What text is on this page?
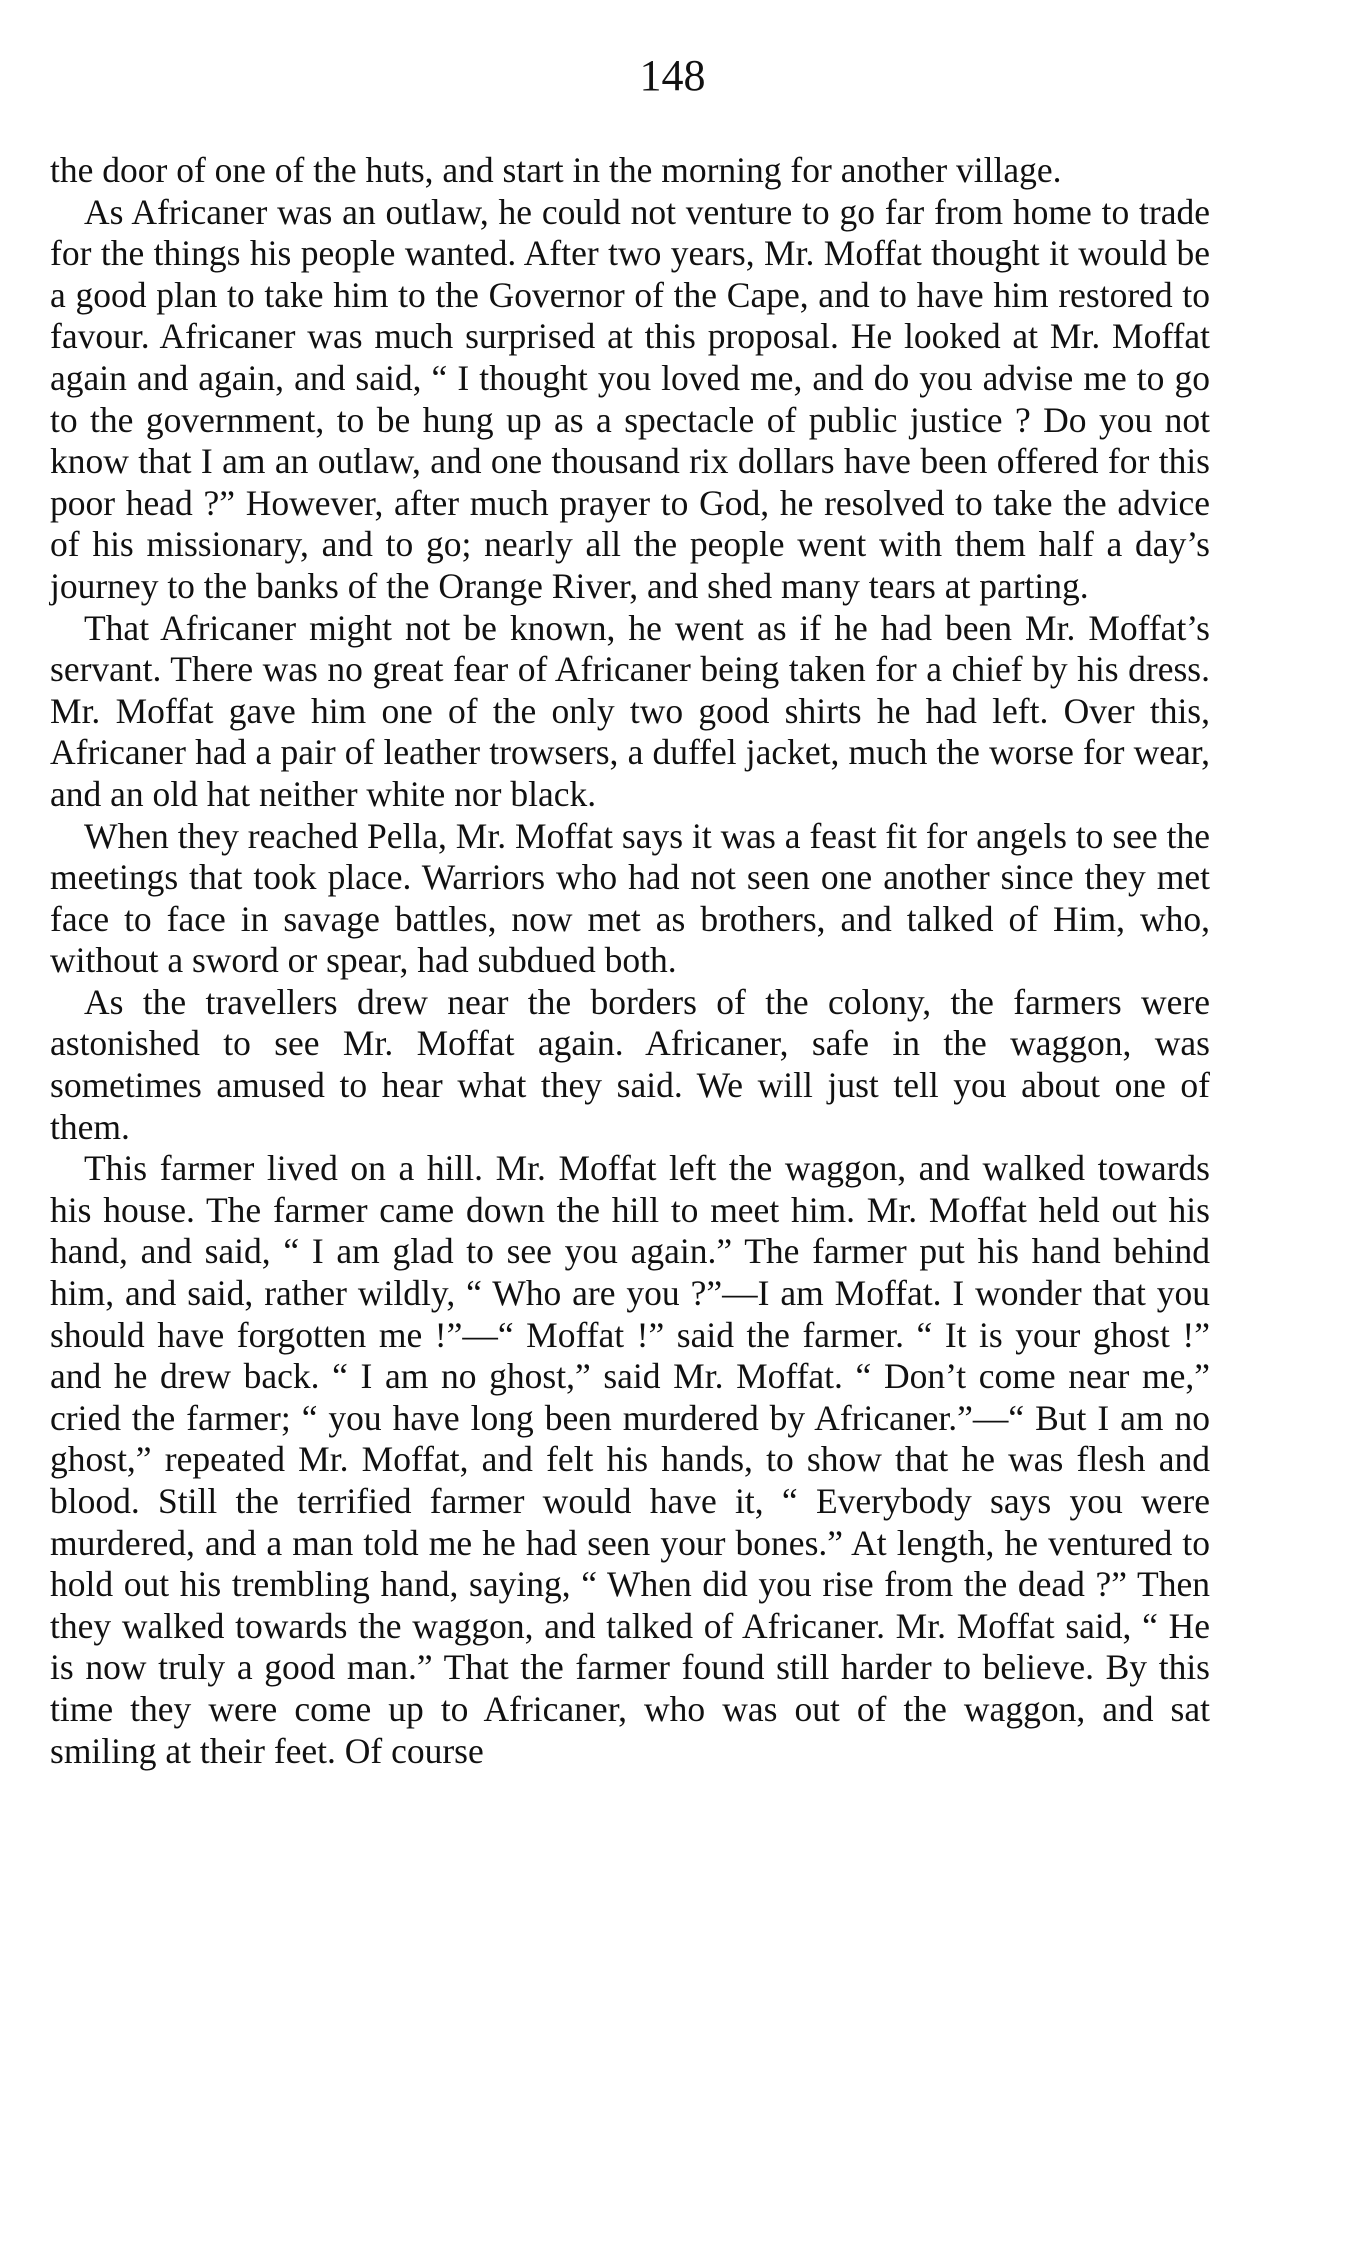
148

the door of one of the huts, and start in the morning for another village.

As Africaner was an outlaw, he could not venture to go far from home to trade for the things his people wanted. After two years, Mr. Moffat thought it would be a good plan to take him to the Governor of the Cape, and to have him restored to favour. Africaner was much surprised at this proposal. He looked at Mr. Moffat again and again, and said, “ I thought you loved me, and do you advise me to go to the government, to be hung up as a spectacle of public justice ? Do you not know that I am an outlaw, and one thousand rix dollars have been offered for this poor head ?” However, after much prayer to God, he resolved to take the advice of his missionary, and to go; nearly all the people went with them half a day’s journey to the banks of the Orange River, and shed many tears at parting.

That Africaner might not be known, he went as if he had been Mr. Moffat’s servant. There was no great fear of Africaner being taken for a chief by his dress. Mr. Moffat gave him one of the only two good shirts he had left. Over this, Africaner had a pair of leather trowsers, a duffel jacket, much the worse for wear, and an old hat neither white nor black.

When they reached Pella, Mr. Moffat says it was a feast fit for angels to see the meetings that took place. Warriors who had not seen one another since they met face to face in savage battles, now met as brothers, and talked of Him, who, without a sword or spear, had subdued both.

As the travellers drew near the borders of the colony, the farmers were astonished to see Mr. Moffat again. Africaner, safe in the waggon, was sometimes amused to hear what they said. We will just tell you about one of them.

This farmer lived on a hill. Mr. Moffat left the waggon, and walked towards his house. The farmer came down the hill to meet him. Mr. Moffat held out his hand, and said, “ I am glad to see you again.” The farmer put his hand behind him, and said, rather wildly, “ Who are you ?”—I am Moffat. I wonder that you should have forgotten me !”—“ Moffat !” said the farmer. “ It is your ghost !” and he drew back. “ I am no ghost,” said Mr. Moffat. “ Don’t come near me,” cried the farmer; “ you have long been murdered by Africaner.”—“ But I am no ghost,” repeated Mr. Moffat, and felt his hands, to show that he was flesh and blood. Still the terrified farmer would have it, “ Everybody says you were murdered, and a man told me he had seen your bones.” At length, he ventured to hold out his trembling hand, saying, “ When did you rise from the dead ?” Then they walked towards the waggon, and talked of Africaner. Mr. Moffat said, “ He is now truly a good man.” That the farmer found still harder to believe. By this time they were come up to Africaner, who was out of the waggon, and sat smiling at their feet. Of course
